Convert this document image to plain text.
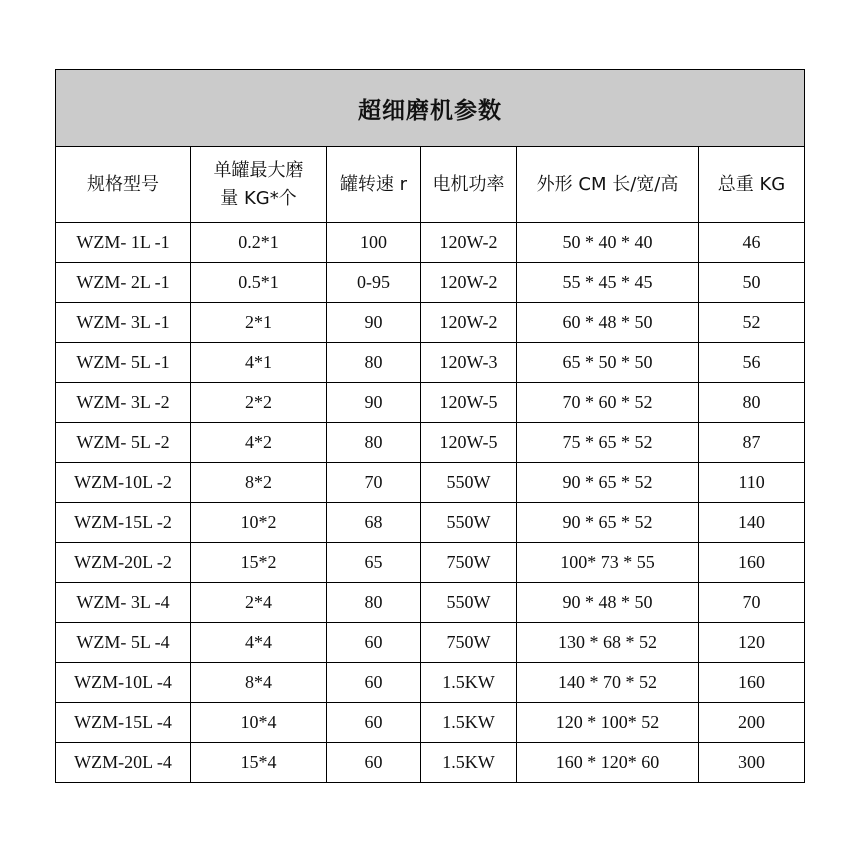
超细磨机参数					
规格型号	单罐最大磨量 KG*个	罐转速 r	电机功率	外形 CM 长/宽/高	总重 KG
WZM- 1L -1	0.2*1	100	120W-2	50 * 40 * 40	46
WZM- 2L -1	0.5*1	0-95	120W-2	55 * 45 * 45	50
WZM- 3L -1	2*1	90	120W-2	60 * 48 * 50	52
WZM- 5L -1	4*1	80	120W-3	65 * 50 * 50	56
WZM- 3L -2	2*2	90	120W-5	70 * 60 * 52	80
WZM- 5L -2	4*2	80	120W-5	75 * 65 * 52	87
WZM-10L -2	8*2	70	550W	90 * 65 * 52	110
WZM-15L -2	10*2	68	550W	90 * 65 * 52	140
WZM-20L -2	15*2	65	750W	100* 73 * 55	160
WZM- 3L -4	2*4	80	550W	90 * 48 * 50	70
WZM- 5L -4	4*4	60	750W	130 * 68 * 52	120
WZM-10L -4	8*4	60	1.5KW	140 * 70 * 52	160
WZM-15L -4	10*4	60	1.5KW	120 * 100* 52	200
WZM-20L -4	15*4	60	1.5KW	160 * 120* 60	300
